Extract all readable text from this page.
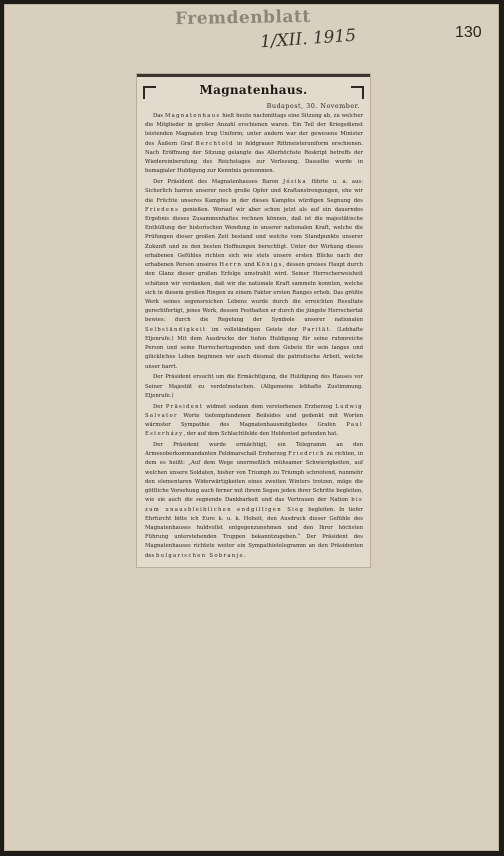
Fremdenblatt
1/XII. 1915	130
Magnatenhaus.
Budapest, 30. November.

Das Magnatenhaus hielt heute nachmittags eine Sitzung ab, zu welcher die Mitglieder in großer Anzahl erschienen waren. Ein Teil der Kriegsdienst leistenden Magnaten trug Uniform; unter andern war der gewesene Minister des Äußern Graf Berchtold in feldgrauer Rittmeisteruniform erschienen. Nach Eröffnung der Sitzung gelangte das Allerhöchste Reskript betreffs der Wiedereinberufung des Reichstages zur Verlesung. Dasselbe wurde in homagialer Huldigung zur Kenntnis genommen.

Der Präsident des Magnatenhauses Baron Jósika führte u. a. aus: Sicherlich harren unserer noch große Opfer und Kraftanstrengungen, ehe wir die Früchte unseres Kampfes in der dieses Kampfes würdigen Segnung des Friedens genießen. Worauf wir aber schon jetzt als auf ein dauerndes Ergebnis dieses Zusammenhaltes rechnen können, daß ist die majestätische Enthüllung der historischen Wendung in unserer nationalen Kraft, welche die Prüfungen dieser großen Zeit bestand und welche vom Standpunkte unserer Zukunft und zu den besten Hoffnungen berechtigt. Unter der Wirkung dieses erhabenen Gefühles richten sich wie stets unsere ersten Blicke nach der erhabenen Person unseres Herrn und Königs, dessen greises Haupt durch den Glanz dieser großen Erfolge umstrahlt wird. Seiner Herrscherweisheit schätzen wir verdanken, daß wir die nationale Kraft sammeln konnten, welche sich in diesem großen Ringen zu einem Faktor ersten Ranges erhob. Das größte Werk seines segensreichen Lebens wurde durch die erreichten Resultate gerechtfertigt, jenes Werk, dessen Festhalten er durch die jüngste Herrschertat bewies: durch die Regelung der Symbole unserer nationalen Selbständigkeit im vollständigen Geiste der Parität. (Lebhafte Eljenrufe.) Mit dem Ausdrucke der tiefen Huldigung für seine ruhmreiche Person und seine Herrschertugenden und dem Gebete für sein langes und glückliches Leben beginnen wir auch diesmal die patriotische Arbeit, welche unser harrt.

Der Präsident ersucht um die Ermächtigung, die Huldigung des Hauses vor Seiner Majestät zu verdolmetschen. (Allgemeine lebhafte Zustimmung. Eljenrufe.)

Der Präsident widmet sodann dem verstorbenen Erzherzog Ludwig Salvator Worte tiefempfundenen Beileides und gedenkt mit Worten wärmster Sympathie des Magnatenhausmitgliedes Grafen Paul Esterházy, der auf dem Schlachtfelde den Heldentod gefunden hat.

Der Präsident wurde ermächtigt, ein Telegramm an den Armeeoberkommandanten Feldmarschall Erzherzog Friedrich zu richten, in dem es heißt: „Auf dem Wege unermeßlich mühsamer Schwierigkeiten, auf welchen unsere Soldaten, bisher von Triumph zu Triumph schreitend, nunmehr den elementaren Widerwärtigkeiten eines zweiten Winters trotzen, möge die göttliche Vorsehung auch ferner mit ihrem Segen jeden ihrer Schritte begleiten, wie sie auch die segnende Dankbarkeit und das Vertrauen der Nation bis zum unausbleiblichen endgiltigen Sieg begleiten. In tiefer Ehrfurcht bitte ich Eure k. u. k. Hoheit, den Ausdruck dieser Gefühle des Magnatenhauses huldvollst entgegenzunehmen und den Ihrer höchsten Führung unterstehenden Truppen bekanntzugeben.“ Der Präsident des Magnatenhauses richtete weiter ein Sympathietelegramm an den Präsidenten des bulgarischen Sobranje.
